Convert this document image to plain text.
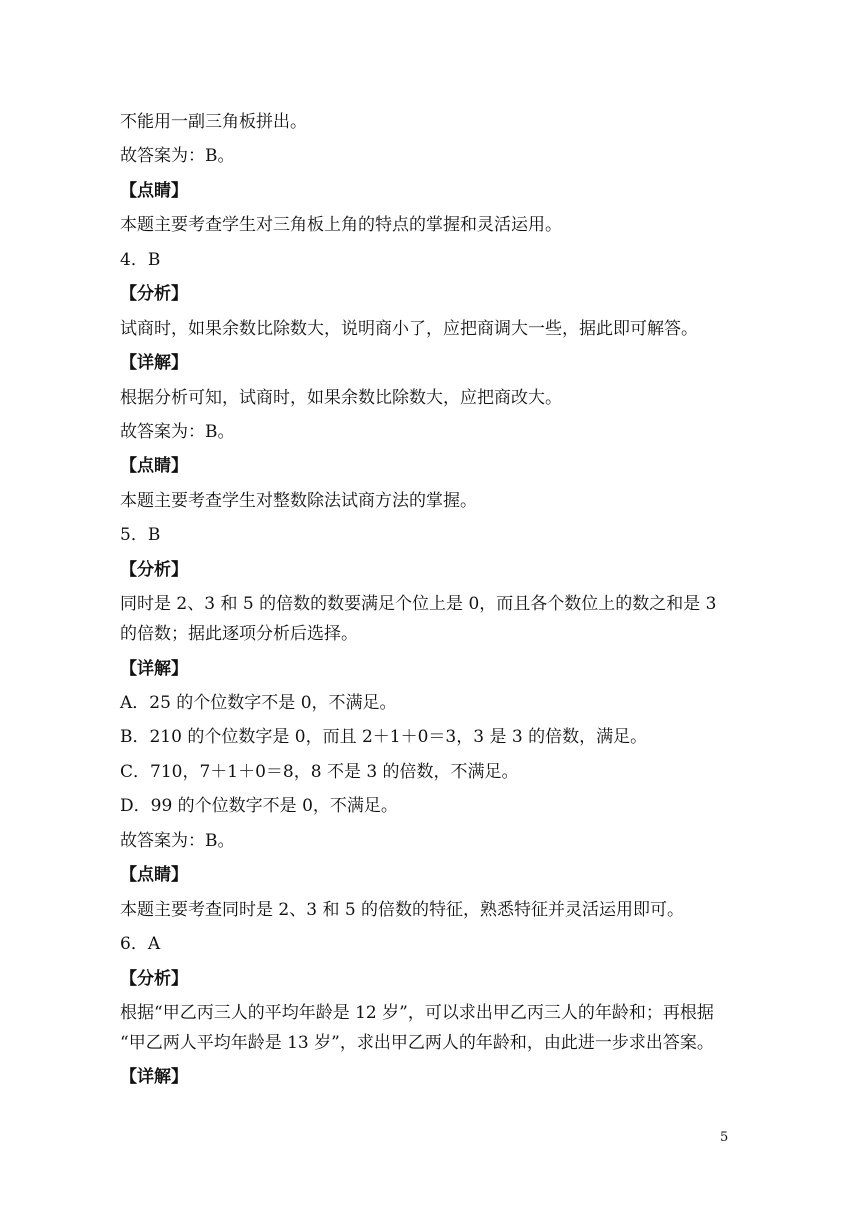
不能用一副三角板拼出。
故答案为：B。
【点睛】
本题主要考查学生对三角板上角的特点的掌握和灵活运用。
4．B
【分析】
试商时，如果余数比除数大，说明商小了，应把商调大一些，据此即可解答。
【详解】
根据分析可知，试商时，如果余数比除数大，应把商改大。
故答案为：B。
【点睛】
本题主要考查学生对整数除法试商方法的掌握。
5．B
【分析】
同时是 2、3 和 5 的倍数的数要满足个位上是 0，而且各个数位上的数之和是 3
的倍数；据此逐项分析后选择。
【详解】
A．25 的个位数字不是 0，不满足。
B．210 的个位数字是 0，而且 2＋1＋0＝3，3 是 3 的倍数，满足。
C．710，7＋1＋0＝8，8 不是 3 的倍数，不满足。
D．99 的个位数字不是 0，不满足。
故答案为：B。
【点睛】
本题主要考查同时是 2、3 和 5 的倍数的特征，熟悉特征并灵活运用即可。
6．A
【分析】
根据“甲乙丙三人的平均年龄是 12 岁”，可以求出甲乙丙三人的年龄和；再根据
“甲乙两人平均年龄是 13 岁”，求出甲乙两人的年龄和，由此进一步求出答案。
【详解】
5
